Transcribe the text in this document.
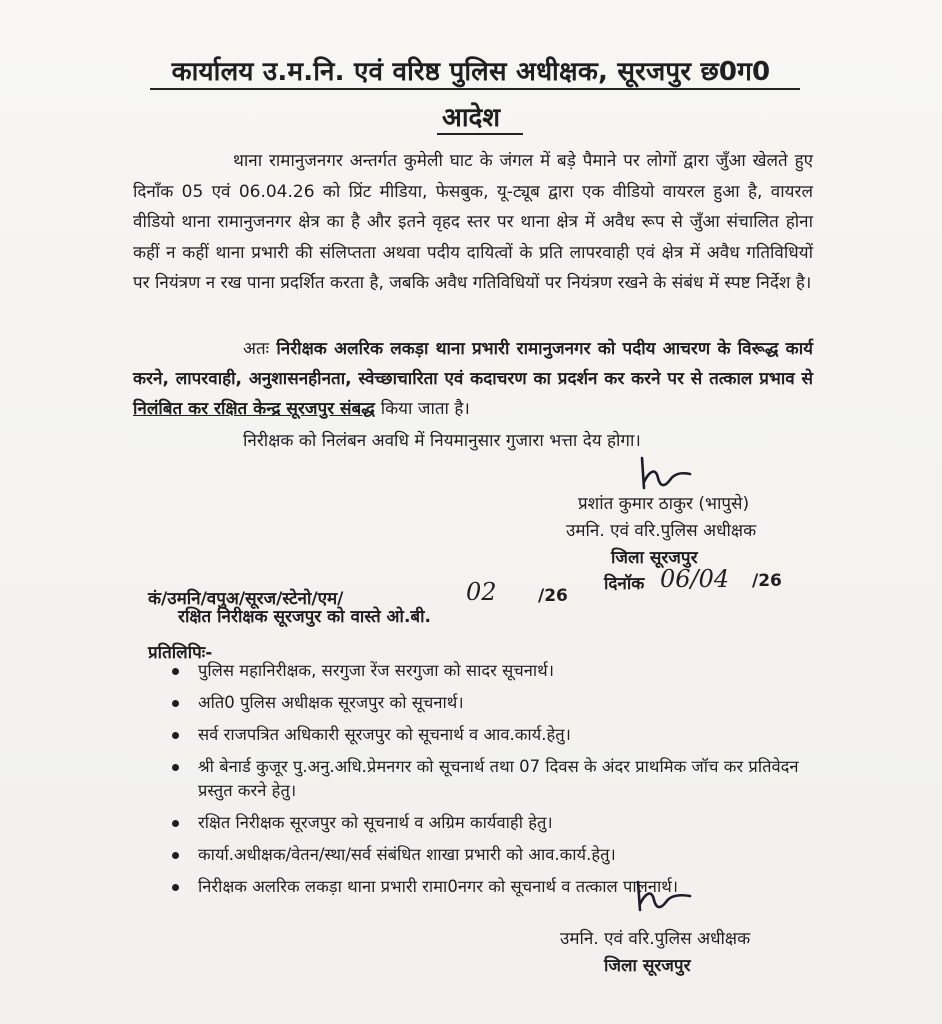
कार्यालय उ.म.नि. एवं वरिष्ठ पुलिस अधीक्षक, सूरजपुर छ0ग0
आदेश
थाना रामानुजनगर अन्तर्गत कुमेली घाट के जंगल में बड़े पैमाने पर लोगों द्वारा जुँआ खेलते हुए दिनाँक 05 एवं 06.04.26 को प्रिंट मीडिया, फेसबुक, यू-ट्यूब द्वारा एक वीडियो वायरल हुआ है, वायरल वीडियो थाना रामानुजनगर क्षेत्र का है और इतने वृहद स्तर पर थाना क्षेत्र में अवैध रूप से जुँआ संचालित होना कहीं न कहीं थाना प्रभारी की संलिप्तता अथवा पदीय दायित्वों के प्रति लापरवाही एवं क्षेत्र में अवैध गतिविधियों पर नियंत्रण न रख पाना प्रदर्शित करता है, जबकि अवैध गतिविधियों पर नियंत्रण रखने के संबंध में स्पष्ट निर्देश है।
अतः निरीक्षक अलरिक लकड़ा थाना प्रभारी रामानुजनगर को पदीय आचरण के विरूद्ध कार्य करने, लापरवाही, अनुशासनहीनता, स्वेच्छाचारिता एवं कदाचरण का प्रदर्शन कर करने पर से तत्काल प्रभाव से निलंबित कर रक्षित केन्द्र सूरजपुर संबद्ध किया जाता है।
निरीक्षक को निलंबन अवधि में नियमानुसार गुजारा भत्ता देय होगा।
प्रशांत कुमार ठाकुर (भापुसे)
उमनि. एवं वरि.पुलिस अधीक्षक
जिला सूरजपुर
कं/उमनि/वपुअ/सूरज/स्टेनो/एम/	02 /26
दिनॉक 06/04 /26
रक्षित निरीक्षक सूरजपुर को वास्ते ओ.बी.
प्रतिलिपिः-
पुलिस महानिरीक्षक, सरगुजा रेंज सरगुजा को सादर सूचनार्थ।
अति0 पुलिस अधीक्षक सूरजपुर को सूचनार्थ।
सर्व राजपत्रित अधिकारी सूरजपुर को सूचनार्थ व आव.कार्य.हेतु।
श्री बेनार्ड कुजूर पु.अनु.अधि.प्रेमनगर को सूचनार्थ तथा 07 दिवस के अंदर प्राथमिक जॉच कर प्रतिवेदन प्रस्तुत करने हेतु।
रक्षित निरीक्षक सूरजपुर को सूचनार्थ व अग्रिम कार्यवाही हेतु।
कार्या.अधीक्षक/वेतन/स्था/सर्व संबंधित शाखा प्रभारी को आव.कार्य.हेतु।
निरीक्षक अलरिक लकड़ा थाना प्रभारी रामा0नगर को सूचनार्थ व तत्काल पालनार्थ।
उमनि. एवं वरि.पुलिस अधीक्षक
जिला सूरजपुर
